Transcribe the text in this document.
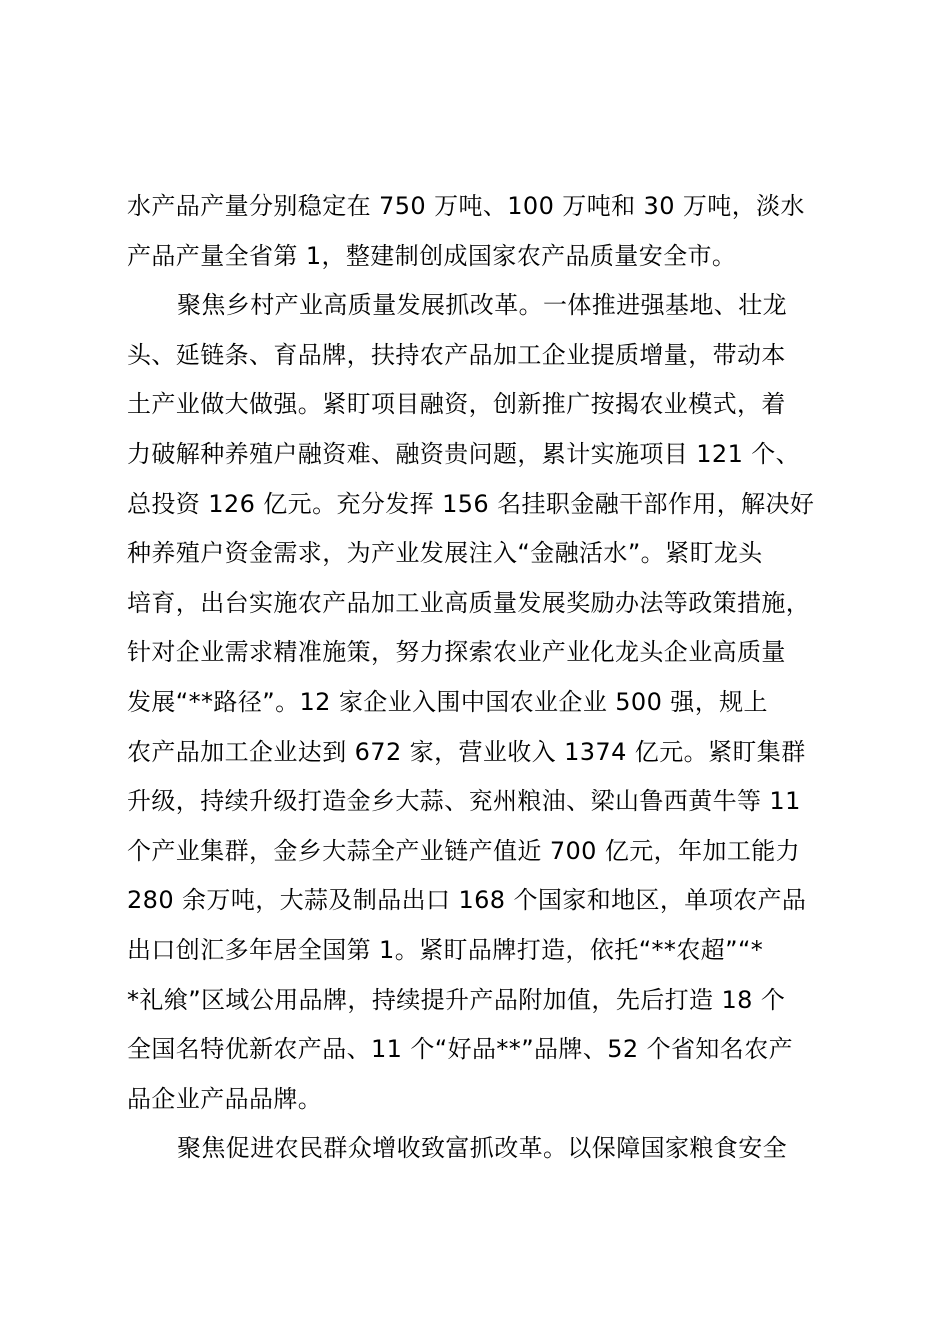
水产品产量分别稳定在 750 万吨、100 万吨和 30 万吨，淡水
产品产量全省第 1，整建制创成国家农产品质量安全市。
聚焦乡村产业高质量发展抓改革。一体推进强基地、壮龙
头、延链条、育品牌，扶持农产品加工企业提质增量，带动本
土产业做大做强。紧盯项目融资，创新推广按揭农业模式，着
力破解种养殖户融资难、融资贵问题，累计实施项目 121 个、
总投资 126 亿元。充分发挥 156 名挂职金融干部作用，解决好
种养殖户资金需求，为产业发展注入“金融活水”。紧盯龙头
培育，出台实施农产品加工业高质量发展奖励办法等政策措施，
针对企业需求精准施策，努力探索农业产业化龙头企业高质量
发展“**路径”。12 家企业入围中国农业企业 500 强，规上
农产品加工企业达到 672 家，营业收入 1374 亿元。紧盯集群
升级，持续升级打造金乡大蒜、兖州粮油、梁山鲁西黄牛等 11
个产业集群，金乡大蒜全产业链产值近 700 亿元，年加工能力
280 余万吨，大蒜及制品出口 168 个国家和地区，单项农产品
出口创汇多年居全国第 1。紧盯品牌打造，依托“**农超”“*
*礼飨”区域公用品牌，持续提升产品附加值，先后打造 18 个
全国名特优新农产品、11 个“好品**”品牌、52 个省知名农产
品企业产品品牌。
聚焦促进农民群众增收致富抓改革。以保障国家粮食安全
